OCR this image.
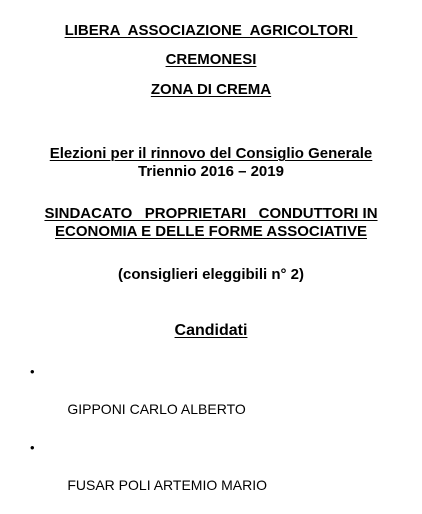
LIBERA  ASSOCIAZIONE  AGRICOLTORI
CREMONESI
ZONA DI CREMA
Elezioni per il rinnovo del Consiglio Generale
Triennio 2016 – 2019
SINDACATO   PROPRIETARI   CONDUTTORI IN
ECONOMIA E DELLE FORME ASSOCIATIVE
(consiglieri eleggibili n° 2)
Candidati

•

GIPPONI CARLO ALBERTO

•

FUSAR POLI ARTEMIO MARIO
